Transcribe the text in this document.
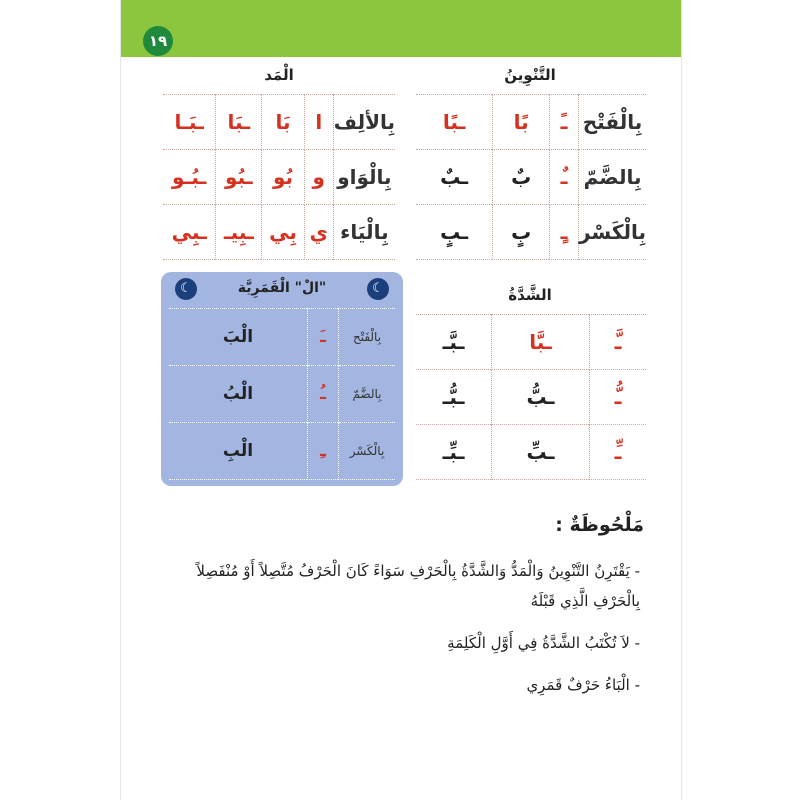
١٩
التَّنْوِينُ
بِالْفَتْح	ـً	بًا	ـبًا
بِالضَّمّ	ـٌ	بٌ	ـبٌ
بِالْكَسْر	ـٍ	بٍ	ـبٍ
الْمَد
بِالألِف	ا	بَا	ـبَا	ـبَـا
بِالْوَاو	و	بُو	ـبُو	ـبُـو
بِالْيَاء	ي	بِي	ـبِيـ	ـبِي
الشَّدَّةُ
ـَّ	ـبَّا	ـبَّـ
ـُّ	ـبُّ	ـبُّـ
ـِّ	ـبِّ	ـبِّـ
☾	☾
"الْ" الْقَمَرِيَّة
بِالْفَتْح	ـَ	الْبَ
بِالضَّمّ	ـُ	الْبُ
بِالْكَسْر	ـِ	الْبِ
مَلْحُوظَةٌ :
- يَقْتَرِنُ التَّنْوِينُ وَالْمَدُّ وَالشَّدَّةُ بِالْحَرْفِ سَوَاءً كَانَ الْحَرْفُ مُتَّصِلاً أَوْ مُنْفَصِلاً بِالْحَرْفِ الَّذِي قَبْلَهُ
- لاَ تُكْتَبُ الشَّدَّةُ فِي أَوَّلِ الْكَلِمَةِ
- الْبَاءُ حَرْفٌ قَمَرِي
